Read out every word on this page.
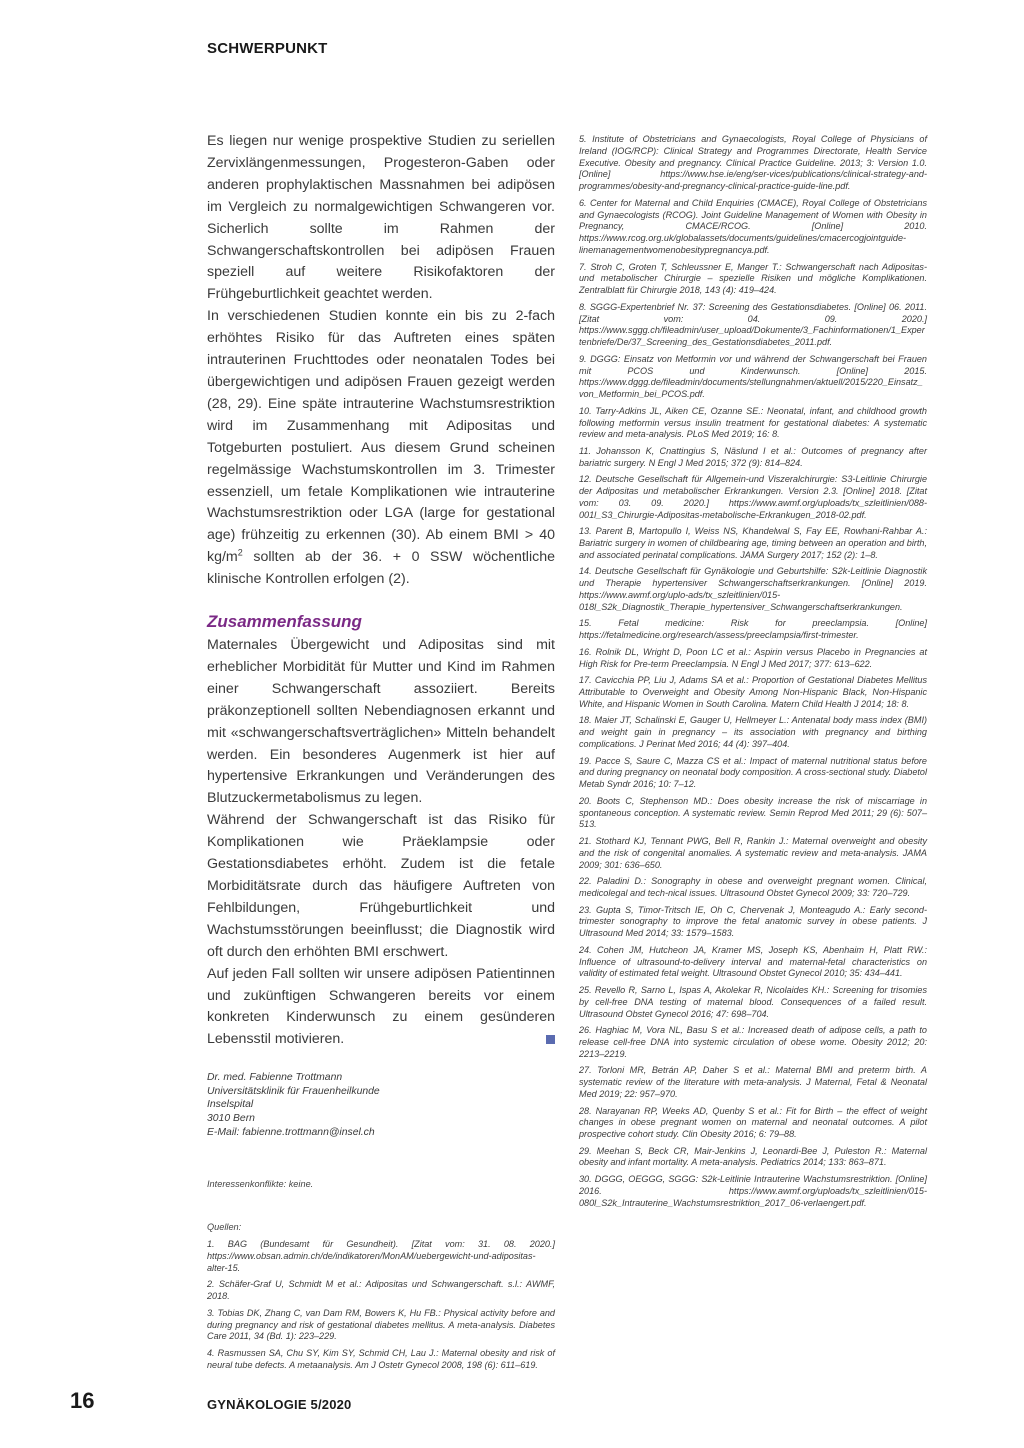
SCHWERPUNKT

Es liegen nur wenige prospektive Studien zu seriellen Zervixlängenmessungen, Progesteron-Gaben oder anderen prophylaktischen Massnahmen bei adipösen im Vergleich zu normalgewichtigen Schwangeren vor. Sicherlich sollte im Rahmen der Schwangerschaftskontrollen bei adipösen Frauen speziell auf weitere Risikofaktoren der Frühgeburtlichkeit geachtet werden.

In verschiedenen Studien konnte ein bis zu 2-fach erhöhtes Risiko für das Auftreten eines späten intrauterinen Fruchttodes oder neonatalen Todes bei übergewichtigen und adipösen Frauen gezeigt werden (28, 29). Eine späte intrauterine Wachstumsrestriktion wird im Zusammenhang mit Adipositas und Totgeburten postuliert. Aus diesem Grund scheinen regelmässige Wachstumskontrollen im 3. Trimester essenziell, um fetale Komplikationen wie intrauterine Wachstumsrestriktion oder LGA (large for gestational age) frühzeitig zu erkennen (30). Ab einem BMI > 40 $kg/m^2$ sollten ab der 36. + 0 SSW wöchentliche klinische Kontrollen erfolgen (2).

Zusammenfassung

Maternales Übergewicht und Adipositas sind mit erheblicher Morbidität für Mutter und Kind im Rahmen einer Schwangerschaft assoziiert. Bereits präkonzeptionell sollten Nebendiagnosen erkannt und mit «schwangerschaftsverträglichen» Mitteln behandelt werden. Ein besonderes Augenmerk ist hier auf hypertensive Erkrankungen und Veränderungen des Blutzuckermetabolismus zu legen.

Während der Schwangerschaft ist das Risiko für Komplikationen wie Präeklampsie oder Gestationsdiabetes erhöht. Zudem ist die fetale Morbiditätsrate durch das häufigere Auftreten von Fehlbildungen, Frühgeburtlichkeit und Wachstumsstörungen beeinflusst; die Diagnostik wird oft durch den erhöhten BMI erschwert.

Auf jeden Fall sollten wir unsere adipösen Patientinnen und zukünftigen Schwangeren bereits vor einem konkreten Kinderwunsch zu einem gesünderen Lebensstil motivieren.

Dr. med. Fabienne Trottmann
Universitätsklinik für Frauenheilkunde
Inselspital
3010 Bern
E-Mail: fabienne.trottmann@insel.ch
Interessenkonflikte: keine.
Quellen:

1. BAG (Bundesamt für Gesundheit). [Zitat vom: 31. 08. 2020.] https://www.obsan.admin.ch/de/indikatoren/MonAM/uebergewicht-und-adipositas-alter-15.

2. Schäfer-Graf U, Schmidt M et al.: Adipositas und Schwangerschaft. s.l.: AWMF, 2018.

3. Tobias DK, Zhang C, van Dam RM, Bowers K, Hu FB.: Physical activity before and during pregnancy and risk of gestational diabetes mellitus. A meta-analysis. Diabetes Care 2011, 34 (Bd. 1): 223–229.

4. Rasmussen SA, Chu SY, Kim SY, Schmid CH, Lau J.: Maternal obesity and risk of neural tube defects. A metaanalysis. Am J Ostetr Gynecol 2008, 198 (6): 611–619.

5. Institute of Obstetricians and Gynaecologists, Royal College of Physicians of Ireland (IOG/RCP): Clinical Strategy and Programmes Directorate, Health Service Executive. Obesity and pregnancy. Clinical Practice Guideline. 2013; 3: Version 1.0. [Online] https://www.hse.ie/eng/ser-vices/publications/clinical-strategy-and-programmes/obesity-and-pregnancy-clinical-practice-guide-line.pdf.

6. Center for Maternal and Child Enquiries (CMACE), Royal College of Obstetricians and Gynaecologists (RCOG). Joint Guideline Management of Women with Obesity in Pregnancy, CMACE/RCOG. [Online] 2010. https://www.rcog.org.uk/globalassets/documents/guidelines/cmacercogjointguide-linemanagementwomenobesitypregnancya.pdf.

7. Stroh C, Groten T, Schleussner E, Manger T.: Schwangerschaft nach Adipositas- und metabolischer Chirurgie – spezielle Risiken und mögliche Komplikationen. Zentralblatt für Chirurgie 2018, 143 (4): 419–424.

8. SGGG-Expertenbrief Nr. 37: Screening des Gestationsdiabetes. [Online] 06. 2011. [Zitat vom: 04. 09. 2020.] https://www.sggg.ch/fileadmin/user_upload/Dokumente/3_Fachinformationen/1_Expertenbriefe/De/37_Screening_des_Gestationsdiabetes_2011.pdf.

9. DGGG: Einsatz von Metformin vor und während der Schwangerschaft bei Frauen mit PCOS und Kinderwunsch. [Online] 2015. https://www.dggg.de/fileadmin/documents/stellungnahmen/aktuell/2015/220_Einsatz_von_Metformin_bei_PCOS.pdf.

10. Tarry-Adkins JL, Aiken CE, Ozanne SE.: Neonatal, infant, and childhood growth following metformin versus insulin treatment for gestational diabetes: A systematic review and meta-analysis. PLoS Med 2019; 16: 8.

11. Johansson K, Cnattingius S, Näslund I et al.: Outcomes of pregnancy after bariatric surgery. N Engl J Med 2015; 372 (9): 814–824.

12. Deutsche Gesellschaft für Allgemein-und Viszeralchirurgie: S3-Leitlinie Chirurgie der Adipositas und metabolischer Erkrankungen. Version 2.3. [Online] 2018. [Zitat vom: 03. 09. 2020.] https://www.awmf.org/uploads/tx_szleitlinien/088-001l_S3_Chirurgie-Adipositas-metabolische-Erkrankugen_2018-02.pdf.

13. Parent B, Martopullo I, Weiss NS, Khandelwal S, Fay EE, Rowhani-Rahbar A.: Bariatric surgery in women of childbearing age, timing between an operation and birth, and associated perinatal complications. JAMA Surgery 2017; 152 (2): 1–8.

14. Deutsche Gesellschaft für Gynäkologie und Geburtshilfe: S2k-Leitlinie Diagnostik und Therapie hypertensiver Schwangerschaftserkrankungen. [Online] 2019. https://www.awmf.org/uplo-ads/tx_szleitlinien/015-018l_S2k_Diagnostik_Therapie_hypertensiver_Schwangerschaftserkrankungen.

15. Fetal medicine: Risk for preeclampsia. [Online] https://fetalmedicine.org/research/assess/preeclampsia/first-trimester.

16. Rolnik DL, Wright D, Poon LC et al.: Aspirin versus Placebo in Pregnancies at High Risk for Pre-term Preeclampsia. N Engl J Med 2017; 377: 613–622.

17. Cavicchia PP, Liu J, Adams SA et al.: Proportion of Gestational Diabetes Mellitus Attributable to Overweight and Obesity Among Non-Hispanic Black, Non-Hispanic White, and Hispanic Women in South Carolina. Matern Child Health J 2014; 18: 8.

18. Maier JT, Schalinski E, Gauger U, Hellmeyer L.: Antenatal body mass index (BMI) and weight gain in pregnancy – its association with pregnancy and birthing complications. J Perinat Med 2016; 44 (4): 397–404.

19. Pacce S, Saure C, Mazza CS et al.: Impact of maternal nutritional status before and during pregnancy on neonatal body composition. A cross-sectional study. Diabetol Metab Syndr 2016; 10: 7–12.

20. Boots C, Stephenson MD.: Does obesity increase the risk of miscarriage in spontaneous conception. A systematic review. Semin Reprod Med 2011; 29 (6): 507–513.

21. Stothard KJ, Tennant PWG, Bell R, Rankin J.: Maternal overweight and obesity and the risk of congenital anomalies. A systematic review and meta-analysis. JAMA 2009; 301: 636–650.

22. Paladini D.: Sonography in obese and overweight pregnant women. Clinical, medicolegal and tech-nical issues. Ultrasound Obstet Gynecol 2009; 33: 720–729.

23. Gupta S, Timor-Tritsch IE, Oh C, Chervenak J, Monteagudo A.: Early second-trimester sonography to improve the fetal anatomic survey in obese patients. J Ultrasound Med 2014; 33: 1579–1583.

24. Cohen JM, Hutcheon JA, Kramer MS, Joseph KS, Abenhaim H, Platt RW.: Influence of ultrasound-to-delivery interval and maternal-fetal characteristics on validity of estimated fetal weight. Ultrasound Obstet Gynecol 2010; 35: 434–441.

25. Revello R, Sarno L, Ispas A, Akolekar R, Nicolaides KH.: Screening for trisomies by cell-free DNA testing of maternal blood. Consequences of a failed result. Ultrasound Obstet Gynecol 2016; 47: 698–704.

26. Haghiac M, Vora NL, Basu S et al.: Increased death of adipose cells, a path to release cell-free DNA into systemic circulation of obese wome. Obesity 2012; 20: 2213–2219.

27. Torloni MR, Betrán AP, Daher S et al.: Maternal BMI and preterm birth. A systematic review of the literature with meta-analysis. J Maternal, Fetal & Neonatal Med 2019; 22: 957–970.

28. Narayanan RP, Weeks AD, Quenby S et al.: Fit for Birth – the effect of weight changes in obese pregnant women on maternal and neonatal outcomes. A pilot prospective cohort study. Clin Obesity 2016; 6: 79–88.

29. Meehan S, Beck CR, Mair-Jenkins J, Leonardi-Bee J, Puleston R.: Maternal obesity and infant mortality. A meta-analysis. Pediatrics 2014; 133: 863–871.

30. DGGG, OEGGG, SGGG: S2k-Leitlinie Intrauterine Wachstumsrestriktion. [Online] 2016. https://www.awmf.org/uploads/tx_szleitlinien/015-080l_S2k_Intrauterine_Wachstumsrestriktion_2017_06-verlaengert.pdf.

16	GYNÄKOLOGIE 5/2020
